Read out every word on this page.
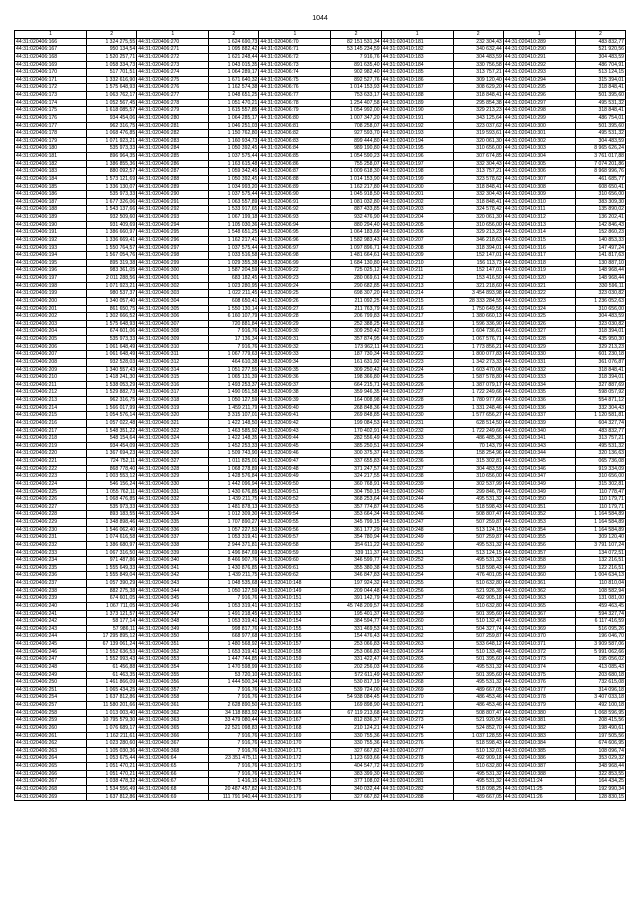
1044
1	2	1	2	1	2	1	2	1	2
44:31:020406:166	1 324 275,55	44:31:020406:270	1 624 690,73	44:31:020406:70	82 151 531,34	44:31:020410:181	232 304,43	44:31:020410:289	483 832,77
44:31:020406:167	950 134,54	44:31:020406:271	1 095 882,42	44:31:020406:71	53 145 234,59	44:31:020410:182	340 632,44	44:31:020410:290	521 920,56
44:31:020406:168	1 520 257,71	44:31:020406:272	1 621 248,44	44:31:020406:72	7 916,76	44:31:020410:183	304 483,59	44:31:020410:291	304 483,59
44:31:020406:169	1 058 334,73	44:31:020406:273	1 043 015,35	44:31:020406:73	891 635,40	44:31:020410:184	330 756,58	44:31:020410:292	486 704,91
44:31:020406:170	517 701,51	44:31:020406:274	1 064 289,17	44:31:020406:74	902 982,40	44:31:020410:185	313 757,21	44:31:020410:293	513 124,15
44:31:020406:171	1 332 616,90	44:31:020406:275	1 671 640,32	44:31:020406:75	892 527,76	44:31:020410:186	309 120,40	44:31:020410:294	315 394,01
44:31:020406:172	1 575 648,93	44:31:020406:276	1 162 574,38	44:31:020406:76	1 014 153,93	44:31:020410:187	308 629,20	44:31:020410:295	318 848,41
44:31:020406:173	1 063 762,17	44:31:020406:277	1 048 651,25	44:31:020406:77	753 633,17	44:31:020410:188	318 848,41	44:31:020410:296	501 395,60
44:31:020406:174	1 052 567,45	44:31:020406:278	1 051 470,21	44:31:020406:78	1 254 407,58	44:31:020410:189	295 854,38	44:31:020410:297	495 531,32
44:31:020406:175	1 618 085,57	44:31:020406:279	1 615 557,85	44:31:020406:79	1 054 992,00	44:31:020410:190	329 213,23	44:31:020410:298	318 848,41
44:31:020406:176	934 454,06	44:31:020406:280	1 064 285,17	44:31:020406:80	1 007 347,20	44:31:020410:191	343 125,64	44:31:020410:299	486 754,01
44:31:020406:177	962 316,75	44:31:020406:281	1 046 251,03	44:31:020406:81	708 258,07	44:31:020410:192	323 037,62	44:31:020410:300	501 395,60
44:31:020406:178	1 068 476,85	44:31:020406:282	1 150 762,80	44:31:020406:82	927 593,70	44:31:020410:193	319 593,61	44:31:020410:301	495 531,32
44:31:020406:179	1 071 923,21	44:31:020406:283	1 160 934,73	44:31:020406:83	899 444,80	44:31:020410:194	320 061,30	44:31:020410:302	304 483,59
44:31:020406:180	535 973,33	44:31:020406:284	1 050 392,45	44:31:020406:84	989 190,80	44:31:020410:195	310 656,00	44:31:020410:303	8 965 626,24
44:31:020406:181	896 964,35	44:31:020406:285	1 037 575,44	44:31:020406:85	1 054 590,23	44:31:020410:196	307 674,85	44:31:020410:304	3 761 017,88
44:31:020406:182	1 386 855,36	44:31:020406:286	1 163 615,48	44:31:020406:86	755 258,07	44:31:020410:197	332 304,43	44:31:020410:305	7 074 201,86
44:31:020406:183	880 092,57	44:31:020406:287	1 059 342,45	44:31:020406:87	1 009 618,30	44:31:020410:198	313 757,21	44:31:020410:306	8 968 996,76
44:31:020406:184	1 573 121,69	44:31:020406:288	1 050 392,45	44:31:020406:88	1 014 153,90	44:31:020410:199	323 578,62	44:31:020410:307	461 685,77
44:31:020406:185	1 336 130,07	44:31:020406:289	1 034 993,20	44:31:020406:89	1 162 217,80	44:31:020410:200	318 848,41	44:31:020410:308	608 650,41
44:31:020406:186	535 973,33	44:31:020406:290	1 037 575,44	44:31:020406:90	1 045 918,50	44:31:020410:201	332 304,43	44:31:020410:309	310 656,00
44:31:020406:187	1 677 326,06	44:31:020406:291	1 063 557,89	44:31:020406:91	1 081 032,80	44:31:020410:202	318 848,41	44:31:020410:310	383 309,30
44:31:020406:188	1 543 137,66	44:31:020406:292	1 533 917,65	44:31:020406:92	887 433,85	44:31:020410:203	324 578,42	44:31:020410:311	135 890,02
44:31:020406:189	932 509,60	44:31:020406:293	1 067 199,18	44:31:020406:93	932 476,90	44:31:020410:204	320 061,30	44:31:020410:312	136 202,41
44:31:020406:190	931 409,69	44:31:020406:294	1 105 030,36	44:31:020406:94	880 294,40	44:31:020410:205	310 656,00	44:31:020410:313	142 846,43
44:31:020406:191	1 386 660,97	44:31:020406:295	1 548 651,25	44:31:020406:95	1 064 183,69	44:31:020410:206	329 213,23	44:31:020410:314	152 860,23
44:31:020406:192	1 336 669,41	44:31:020406:296	1 162 217,41	44:31:020406:96	1 582 983,43	44:31:020410:207	346 218,63	44:31:020410:315	140 853,33
44:31:020406:193	1 550 764,57	44:31:020406:297	1 037 575,44	44:31:020406:97	1 097 896,71	44:31:020410:208	318 394,01	44:31:020410:316	147 497,24
44:31:020406:194	1 567 054,76	44:31:020406:298	1 033 516,58	44:31:020406:98	1 481 664,61	44:31:020410:209	152 147,01	44:31:020410:317	141 817,63
44:31:020406:195	895 319,38	44:31:020406:299	1 029 355,38	44:31:020406:99	1 684 130,80	44:31:020410:210	156 113,73	44:31:020410:318	130 887,10
44:31:020406:196	983 361,05	44:31:020406:300	1 587 204,59	44:31:020409:22	725 025,12	44:31:020410:211	152 147,01	44:31:020410:319	148 968,44
44:31:020406:197	2 011 288,56	44:31:020406:301	683 182,45	44:31:020409:23	280 069,61	44:31:020410:212	153 416,50	44:31:020410:320	148 968,44
44:31:020406:198	1 071 923,21	44:31:020406:302	1 023 280,95	44:31:020409:24	290 682,85	44:31:020410:213	321 218,60	44:31:020410:321	330 596,11
44:31:020406:199	980 537,37	44:31:020406:303	1 022 211,45	44:31:020409:25	698 307,20	44:31:020410:214	3 454 893,98	44:31:020410:322	323 030,82
44:31:020406:200	1 340 057,40	44:31:020406:304	608 650,41	44:31:020409:26	211 092,25	44:31:020410:215	28 333 284,55	44:31:020410:323	1 236 052,63
44:31:020406:201	861 650,75	44:31:020406:305	1 550 130,14	44:31:020409:27	211 763,79	44:31:020410:216	1 750 649,56	44:31:020410:324	310 656,00
44:31:020406:202	1 302 666,52	44:31:020406:306	6 160 107,79	44:31:020409:28	206 799,83	44:31:020410:217	1 380 660,13	44:31:020410:325	304 483,59
44:31:020406:203	1 575 648,93	44:31:020406:307	720 881,84	44:31:020409:29	252 388,25	44:31:020410:218	1 596 336,90	44:31:020410:326	323 030,82
44:31:020406:204	674 601,06	44:31:020406:308	7 916,76	44:31:020409:30	309 250,42	44:31:020410:219	1 604 736,61	44:31:020410:327	318 394,01
44:31:020406:205	535 973,33	44:31:020406:309	17 136,34	44:31:020409:31	357 874,95	44:31:020410:220	1 067 576,71	44:31:020410:328	435 950,30
44:31:020406:206	1 061 648,49	44:31:020406:310	7 916,76	44:31:020409:32	173 962,11	44:31:020410:221	1 773 856,21	44:31:020410:329	329 213,23
44:31:020406:207	1 061 648,49	44:31:020406:311	1 067 779,63	44:31:020409:33	187 730,34	44:31:020410:222	1 800 077,83	44:31:020410:330	601 230,18
44:31:020406:208	932 528,03	44:31:020406:312	464 610,38	44:31:020409:34	161 631,92	44:31:020410:223	1 342 273,33	44:31:020410:331	361 076,87
44:31:020406:209	1 340 557,43	44:31:020406:314	1 051 277,55	44:31:020409:35	309 250,42	44:31:020410:224	1 603 470,06	44:31:020410:332	318 848,41
44:31:020406:210	1 418 241,30	44:31:020406:315	1 065 131,39	44:31:020409:36	198 366,80	44:31:020410:225	1 587 578,80	44:31:020410:333	318 394,01
44:31:020406:211	1 538 053,29	44:31:020406:316	1 493 253,37	44:31:020409:37	664 215,71	44:31:020410:226	1 387 079,17	44:31:020410:334	327 887,69
44:31:020406:212	1 529 882,73	44:31:020406:317	1 490 051,58	44:31:020409:38	359 946,35	44:31:020410:227	1 722 249,66	44:31:020410:335	598 057,92
44:31:020406:213	962 316,75	44:31:020406:318	1 050 127,59	44:31:020409:39	164 008,98	44:31:020410:228	1 780 977,66	44:31:020410:336	554 871,12
44:31:020406:214	1 566 017,99	44:31:020406:319	1 459 211,79	44:31:020409:40	268 848,36	44:31:020410:229	1 331 248,46	44:31:020410:336	332 304,43
44:31:020406:215	1 054 576,14	44:31:020406:320	3 315 107,01	44:31:020409:41	269 848,85	44:31:020410:230	1 577 656,27	44:31:020410:337	1 120 581,81
44:31:020406:216	1 057 022,48	44:31:020406:321	1 422 148,50	44:31:020409:42	199 084,53	44:31:020410:231	628 514,50	44:31:020410:339	604 327,74
44:31:020406:217	1 548 351,22	44:31:020406:322	1 463 585,92	44:31:020409:43	170 402,91	44:31:020410:232	1 722 249,66	44:31:020410:340	483 832,77
44:31:020406:218	548 154,64	44:31:020406:324	1 422 148,35	44:31:020409:44	282 556,49	44:31:020410:233	486 485,36	44:31:020410:341	313 757,21
44:31:020406:219	934 454,09	44:31:020406:325	1 452 253,33	44:31:020409:45	385 250,51	44:31:020410:234	70 143,79	44:31:020410:343	495 531,32
44:31:020406:220	1 367 694,23	44:31:020406:326	1 509 743,90	44:31:020409:46	300 375,37	44:31:020410:235	158 254,96	44:31:020410:344	320 136,63
44:31:020406:221	724 752,11	44:31:020406:327	1 011 825,01	44:31:020409:47	337 655,83	44:31:020410:236	315 302,81	44:31:020410:345	065 736,08
44:31:020406:222	868 778,40	44:31:020406:328	1 068 278,89	44:31:020409:48	371 247,57	44:31:020410:237	304 483,59	44:31:020410:346	919 334,09
44:31:020406:223	1 003 553,12	44:31:020406:329	1 428 576,84	44:31:020409:49	324 217,55	44:31:020410:238	310 656,00	44:31:020410:347	310 656,00
44:31:020406:224	546 156,24	44:31:020406:330	1 442 096,94	44:31:020409:50	360 768,91	44:31:020410:239	302 537,99	44:31:020410:349	315 302,81
44:31:020406:225	1 055 762,11	44:31:020406:331	1 430 676,85	44:31:020409:51	304 750,15	44:31:020410:240	299 846,79	44:31:020410:349	110 778,47
44:31:020406:226	1 068 476,85	44:31:020406:332	1 439 211,75	44:31:020409:52	368 253,64	44:31:020410:244	495 531,32	44:31:020410:350	110 179,71
44:31:020406:227	535 973,33	44:31:020406:333	1 481 878,13	44:31:020409:53	357 774,87	44:31:020410:245	518 598,43	44:31:020410:351	110 179,71
44:31:020406:228	893 183,55	44:31:020406:334	1 012 309,30	44:31:020409:54	353 664,34	44:31:020410:246	508 807,47	44:31:020410:352	1 164 584,89
44:31:020406:229	1 348 898,46	44:31:020406:335	1 707 890,27	44:31:020409:55	345 799,15	44:31:020410:247	507 259,87	44:31:020410:353	1 164 584,89
44:31:020406:230	1 546 062,40	44:31:020406:336	1 057 227,53	44:31:020409:56	361 177,29	44:31:020410:248	513 124,15	44:31:020410:354	1 164 584,89
44:31:020406:231	1 074 616,58	44:31:020406:337	1 053 319,41	44:31:020409:57	354 780,94	44:31:020410:249	507 259,87	44:31:020410:355	309 120,40
44:31:020406:232	1 386 680,97	44:31:020406:338	2 944 371,81	44:31:020409:58	354 611,22	44:31:020410:250	495 531,32	44:31:020410:356	3 791 107,24
44:31:020406:233	1 067 316,50	44:31:020406:339	1 496 847,69	44:31:020409:59	339 111,37	44:31:020410:251	513 124,15	44:31:020410:357	134 072,51
44:31:020406:234	971 487,86	44:31:020406:340	8 466 907,76	44:31:020409:60	346 599,77	44:31:020410:252	495 531,32	44:31:020410:358	132 216,51
44:31:020406:235	1 555 649,33	44:31:020406:341	1 430 876,85	44:31:020409:61	355 380,38	44:31:020410:253	518 598,43	44:31:020410:359	122 216,51
44:31:020406:236	1 555 849,04	44:31:020406:342	1 439 211,75	44:31:020409:62	346 847,83	44:31:020410:254	476 401,05	44:31:020410:360	1 004 634,13
44:31:020406:237	1 057 390,29	44:31:020406:343	1 048 535,68	44:31:020410:148	197 924,32	44:31:020410:255	510 632,80	44:31:020410:361	110 810,04
44:31:020406:238	882 275,38	44:31:020406:344	1 050 127,59	44:31:020410:149	209 044,48	44:31:020410:256	521 926,39	44:31:020410:362	108 582,94
44:31:020406:239	674 601,05	44:31:020406:345	7 916,76	44:31:020410:151	391 142,79	44:31:020410:257	492 905,18	44:31:020410:363	131 081,00
44:31:020406:240	1 067 711,05	44:31:020406:346	1 053 319,41	44:31:020410:152	45 748 209,57	44:31:020410:258	510 632,80	44:31:020410:365	459 463,45
44:31:020406:241	1 373 121,57	44:31:020406:347	1 491 218,45	44:31:020410:153	195 401,37	44:31:020410:259	501 395,60	44:31:020410:367	594 327,74
44:31:020406:242	58 177,14	44:31:020406:348	1 053 319,41	44:31:020410:154	384 594,77	44:31:020410:260	510 132,47	44:31:020410:368	6 117 416,59
44:31:020406:243	57 986,11	44:31:020406:349	998 817,76	44:31:020410:155	331 469,53	44:31:020410:261	504 327,74	44:31:020410:369	516 095,26
44:31:020406:244	17 295 895,12	44:31:020406:350	668 977,68	44:31:020410:156	154 476,43	44:31:020410:262	507 259,87	44:31:020410:370	196 046,70
44:31:020406:245	67 139 061,24	44:31:020406:351	1 480 568,92	44:31:020410:157	253 066,83	44:31:020410:263	533 648,12	44:31:020410:371	3 909 587,06
44:31:020406:246	1 552 636,53	44:31:020406:352	1 653 319,41	44:31:020410:158	253 066,83	44:31:020410:264	510 133,48	44:31:020410:372	5 991 062,66
44:31:020406:247	1 552 993,43	44:31:020406:353	1 447 744,85	44:31:020410:159	331 422,47	44:31:020410:265	501 395,60	44:31:020410:373	195 056,02
44:31:020406:248	61 456,88	44:31:020406:354	1 470 598,99	44:31:020410:160	202 256,03	44:31:020410:266	495 531,32	44:31:020410:374	413 085,43
44:31:020406:249	61 463,35	44:31:020406:355	53 720,10	44:31:020410:161	572 611,49	44:31:020410:267	501 395,60	44:31:020410:375	203 680,18
44:31:020406:250	1 461 866,09	44:31:020406:356	1 444 500,34	44:31:020410:162	530 817,19	44:31:020410:268	495 531,32	44:31:020410:376	732 615,08
44:31:020406:251	1 065 434,25	44:31:020406:357	7 916,76	44:31:020410:163	539 724,00	44:31:020410:269	489 667,05	44:31:020410:377	314 096,18
44:31:020406:254	1 637 812,86	44:31:020406:358	7 916,76	44:31:020410:164	54 938 084,45	44:31:020410:270	486 453,46	44:31:020410:378	3 407 033,18
44:31:020406:257	11 580 201,66	44:31:020406:361	2 628 890,50	44:31:020410:165	169 898,90	44:31:020410:271	486 453,46	44:31:020410:379	492 100,18
44:31:020406:258	1 013 003,40	44:31:020406:362	34 118 883,92	44:31:020410:166	67 119 213,68	44:31:020410:272	508 807,47	44:31:020410:380	1 068 596,95
44:31:020406:259	10 795 579,30	44:31:020406:363	33 479 080,44	44:31:020410:167	812 836,37	44:31:020410:273	521 920,56	44:31:020410:381	208 415,56
44:31:020406:260	1 076 689,17	44:31:020406:365	22 521 098,83	44:31:020410:168	210 124,21	44:31:020410:274	524 852,70	44:31:020410:382	198 490,61
44:31:020406:261	1 162 211,61	44:31:020406:366	7 916,76	44:31:020410:169	330 755,36	44:31:020410:275	1 037 128,55	44:31:020410:383	197 505,56
44:31:020406:262	1 023 280,60	44:31:020406:367	7 916,76	44:31:020410:170	330 755,36	44:31:020410:276	518 598,43	44:31:020410:384	674 606,95
44:31:020406:263	1 105 030,36	44:31:020406:368	7 916,76	44:31:020410:171	327 667,82	44:31:020410:277	510 132,01	44:31:020410:385	108 096,74
44:31:020406:264	1 053 675,44	44:31:020406:64	23 351 475,11	44:31:020410:172	1 123 693,66	44:31:020410:278	492 909,18	44:31:020410:386	353 029,32
44:31:020406:265	1 051 470,21	44:31:020406:65	7 916,76	44:31:020410:173	404 547,72	44:31:020410:279	510 632,80	44:31:020410:387	348 968,44
44:31:020406:266	1 051 470,21	44:31:020406:66	7 916,76	44:31:020410:174	383 399,30	44:31:020410:280	495 531,32	44:31:020410:388	322 853,55
44:31:020406:267	1 038 478,32	44:31:020406:67	1 416,15	44:31:020410:175	377 108,02	44:31:020410:281	495 531,32	44:31:020411:24	164 434,25
44:31:020406:268	1 534 556,49	44:31:020406:68	20 487 457,82	44:31:020410:176	340 032,44	44:31:020410:282	518 098,25	44:31:020411:25	192 990,34
44:31:020406:269	1 637 812,86	44:31:020406:69	111 791 940,44	44:31:020410:179	327 667,82	44:31:020410:288	489 667,05	44:31:020411:26	128 830,15
